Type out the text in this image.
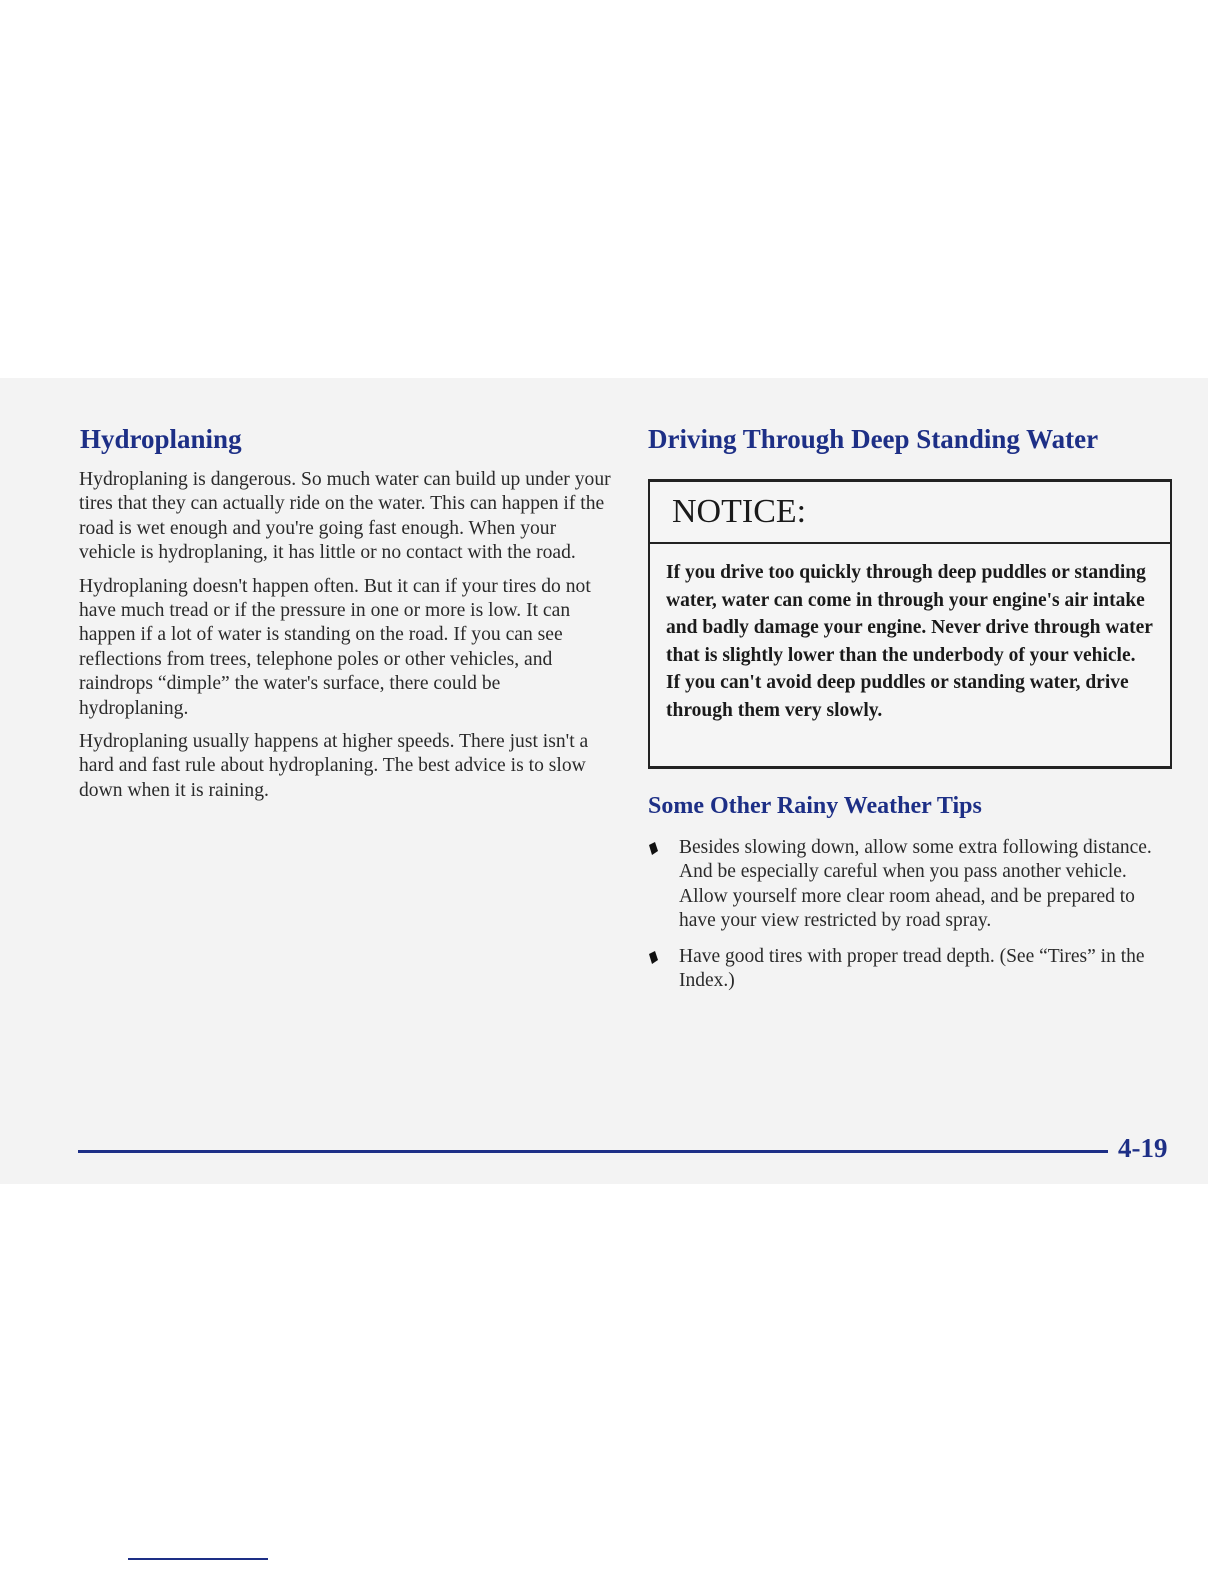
Hydroplaning

Hydroplaning is dangerous. So much water can build up under your tires that they can actually ride on the water. This can happen if the road is wet enough and you're going fast enough. When your vehicle is hydroplaning, it has little or no contact with the road.

Hydroplaning doesn't happen often. But it can if your tires do not have much tread or if the pressure in one or more is low. It can happen if a lot of water is standing on the road. If you can see reflections from trees, telephone poles or other vehicles, and raindrops “dimple” the water's surface, there could be hydroplaning.

Hydroplaning usually happens at higher speeds. There just isn't a hard and fast rule about hydroplaning. The best advice is to slow down when it is raining.

Driving Through Deep Standing Water
NOTICE:
If you drive too quickly through deep puddles or standing water, water can come in through your engine's air intake and badly damage your engine. Never drive through water that is slightly lower than the underbody of your vehicle. If you can't avoid deep puddles or standing water, drive through them very slowly.
Some Other Rainy Weather Tips
Besides slowing down, allow some extra following distance. And be especially careful when you pass another vehicle. Allow yourself more clear room ahead, and be prepared to have your view restricted by road spray.
Have good tires with proper tread depth. (See “Tires” in the Index.)
4-19
